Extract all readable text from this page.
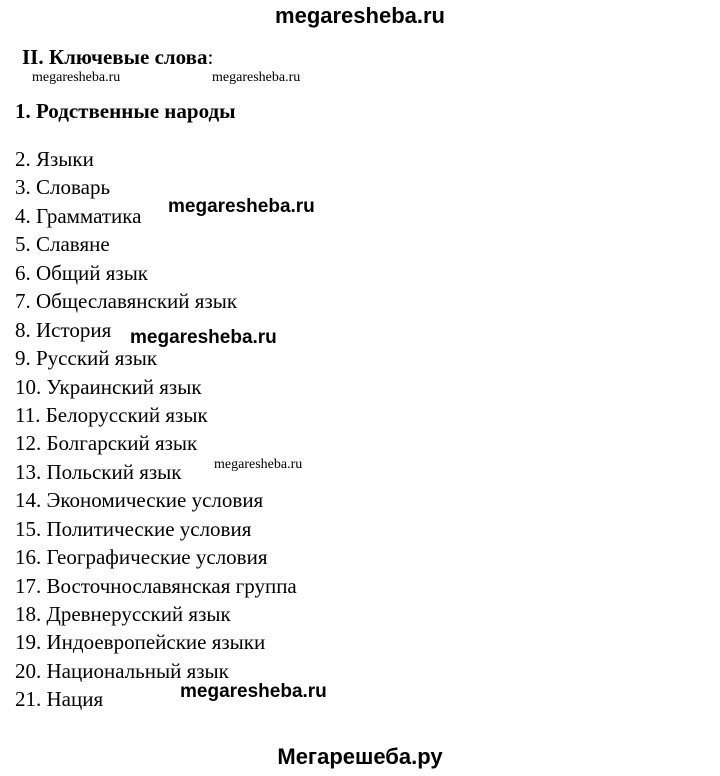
megaresheba.ru
II. Ключевые слова:
megaresheba.ru	megaresheba.ru
1. Родственные народы
2. Языки
3. Словарь
4. Грамматика
5. Славяне
6. Общий язык
7. Общеславянский язык
8. История
9. Русский язык
10. Украинский язык
11. Белорусский язык
12. Болгарский язык
13. Польский язык
14. Экономические условия
15. Политические условия
16. Географические условия
17. Восточнославянская группа
18. Древнерусский язык
19. Индоевропейские языки
20. Национальный язык
21. Нация
megaresheba.ru
megaresheba.ru
megaresheba.ru
megaresheba.ru
Мегарешеба.ру
